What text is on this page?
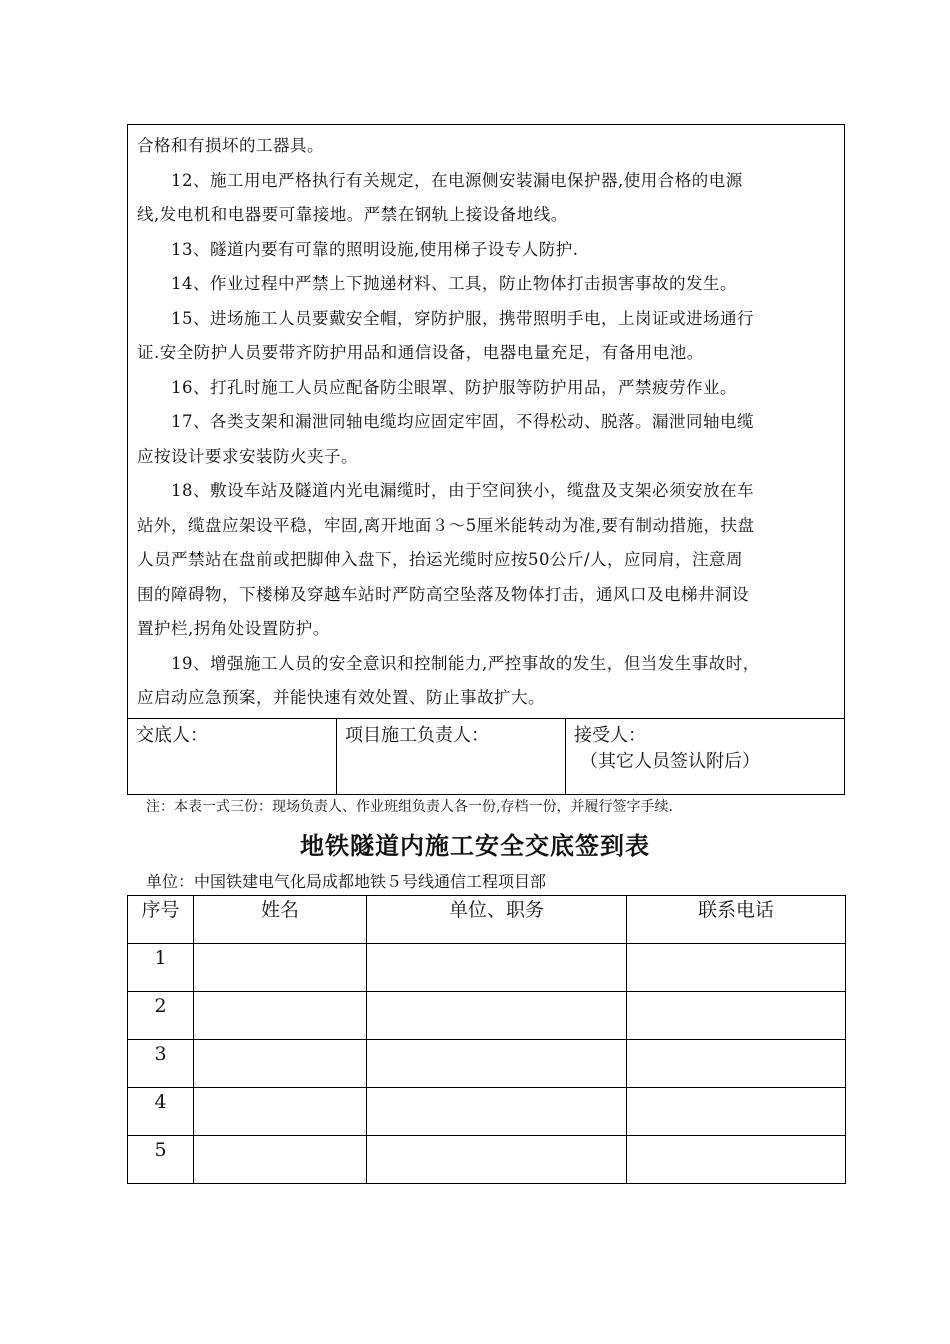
合格和有损坏的工器具。

12、施工用电严格执行有关规定，在电源侧安装漏电保护器,使用合格的电源

线,发电机和电器要可靠接地。严禁在钢轨上接设备地线。

13、隧道内要有可靠的照明设施,使用梯子设专人防护.

14、作业过程中严禁上下抛递材料、工具，防止物体打击损害事故的发生。

15、进场施工人员要戴安全帽，穿防护服，携带照明手电，上岗证或进场通行

证.安全防护人员要带齐防护用品和通信设备，电器电量充足，有备用电池。

16、打孔时施工人员应配备防尘眼罩、防护服等防护用品，严禁疲劳作业。

17、各类支架和漏泄同轴电缆均应固定牢固，不得松动、脱落。漏泄同轴电缆

应按设计要求安装防火夹子。

18、敷设车站及隧道内光电漏缆时，由于空间狭小，缆盘及支架必须安放在车

站外，缆盘应架设平稳，牢固,离开地面３～5厘米能转动为准,要有制动措施，扶盘

人员严禁站在盘前或把脚伸入盘下，抬运光缆时应按50公斤/人，应同肩，注意周

围的障碍物，下楼梯及穿越车站时严防高空坠落及物体打击，通风口及电梯井洞设

置护栏,拐角处设置防护。

19、增强施工人员的安全意识和控制能力,严控事故的发生，但当发生事故时，

应启动应急预案，并能快速有效处置、防止事故扩大。

交底人：	项目施工负责人：	接受人：
（其它人员签认附后）
注：本表一式三份：现场负责人、作业班组负责人各一份,存档一份，并履行签字手续.
地铁隧道内施工安全交底签到表
单位：中国铁建电气化局成都地铁５号线通信工程项目部
序号	姓名	单位、职务	联系电话
1			
2			
3			
4			
5			
